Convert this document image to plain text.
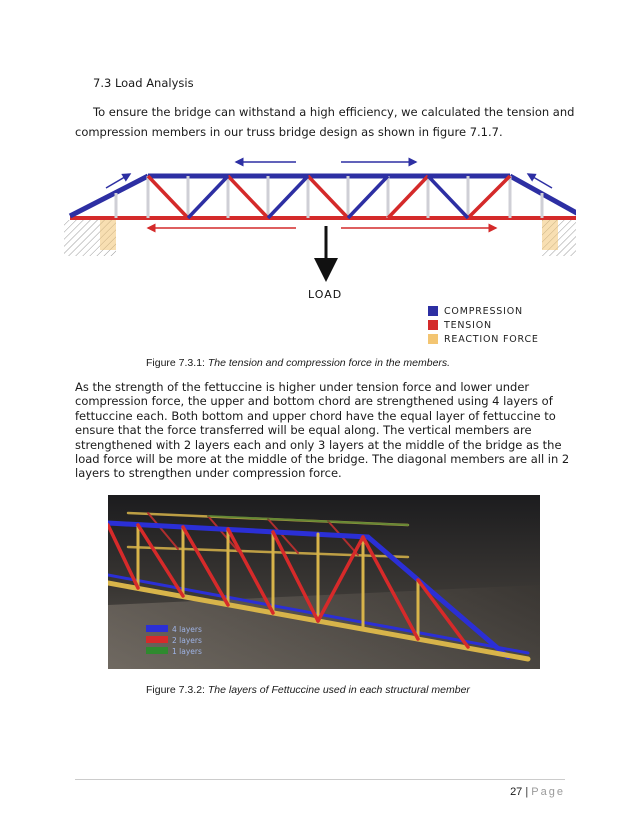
7.3 Load Analysis
To ensure the bridge can withstand a high efficiency, we calculated the tension and compression members in our truss bridge design as shown in figure 7.1.7.
LOAD
COMPRESSION
TENSION
REACTION FORCE
Figure 7.3.1: The tension and compression force in the members.
As the strength of the fettuccine is higher under tension force and lower under compression force, the upper and bottom chord are strengthened using 4 layers of fettuccine each. Both bottom and upper chord have the equal layer of fettuccine to ensure that the force transferred will be equal along. The vertical members are strengthened with 2 layers each and only 3 layers at the middle of the bridge as the load force will be more at the middle of the bridge. The diagonal members are all in 2 layers to strengthen under compression force.
4 layers
2 layers
1 layers
Figure 7.3.2: The layers of Fettuccine used in each structural member
27 | Page
